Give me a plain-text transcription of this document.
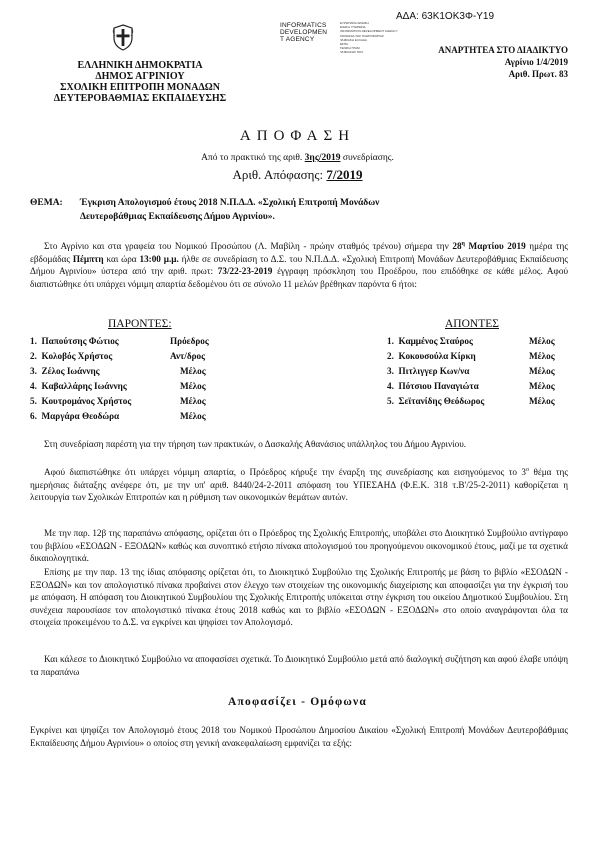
ΑΔΑ: 63Κ1ΟΚ3Φ-Υ19
ΕΛΛΗΝΙΚΗ ΔΗΜΟΚΡΑΤΙΑ
ΔΗΜΟΣ ΑΓΡΙΝΙΟΥ
ΣΧΟΛΙΚΗ ΕΠΙΤΡΟΠΗ ΜΟΝΑΔΩΝ
ΔΕΥΤΕΡΟΒΑΘΜΙΑΣ ΕΚΠΑΙΔΕΥΣΗΣ
INFORMATICS
DEVELOPMEN
T AGENCY
ΕΥΡΩΠΑΪΚΗ ΕΝΩΣΗ
ΕΙΔΙΚΗ ΥΠΗΡΕΣΙΑ
INFORMATION DEVELOPMENT AGENCY
ΚΟΙΝΩΝΙΑ ΤΗΣ ΠΛΗΡΟΦΟΡΙΑΣ
ΨΗΦΙΑΚΗ ΕΛΛΑΔΑ
ΕΣΠΑ
ΓΕΝΙΚΗ ΓΡΑΜ
ΨΗΦΙΑΚΗΣ ΠΟΛ	ΑΝΑΡΤΗΤΕΑ ΣΤΟ ΔΙΑΔΙΚΤΥΟ
Αγρίνιο 1/4/2019
Αριθ. Πρωτ. 83
ΑΠΟΦΑΣΗ
Από το πρακτικό της αριθ. 3ης/2019 συνεδρίασης.
Αριθ. Απόφασης: 7/2019
ΘΕΜΑ: Έγκριση Απολογισμού έτους 2018 Ν.Π.Δ.Δ. «Σχολική Επιτροπή Μονάδων
Δευτεροβάθμιας Εκπαίδευσης Δήμου Αγρινίου».
Στο Αγρίνιο και στα γραφεία του Νομικού Προσώπου (Λ. Μαβίλη - πρώην σταθμός τρένου) σήμερα την $28^\eta$ Μαρτίου 2019 ημέρα της εβδομάδας Πέμπτη και ώρα 13:00 μ.μ. ήλθε σε συνεδρίαση το Δ.Σ. του Ν.Π.Δ.Δ. «Σχολική Επιτροπή Μονάδων Δευτεροβάθμιας Εκπαίδευσης Δήμου Αγρινίου» ύστερα από την αριθ. πρωτ: 73/22-23-2019 έγγραφη πρόσκληση του Προέδρου, που επιδόθηκε σε κάθε μέλος. Αφού διαπιστώθηκε ότι υπάρχει νόμιμη απαρτία δεδομένου ότι σε σύνολο 11 μελών βρέθηκαν παρόντα 6 ήτοι:
ΠΑΡΟΝΤΕΣ:	ΑΠΟΝΤΕΣ
1. Παπούτσης Φώτιος	Πρόεδρος
2. Κολοβός Χρήστος	Αντ/δρος
3. Ζέλος Ιωάννης	Μέλος
4. Καβαλλάρης Ιωάννης	Μέλος
5. Κουτρομάνος Χρήστος	Μέλος
6. Μαργάρα Θεοδώρα	Μέλος
1. Καμμένος Σταύρος	Μέλος
2. Κοκουσούλα Κίρκη	Μέλος
3. Πιτλιγγερ Κων/να	Μέλος
4. Πότσιου Παναγιώτα	Μέλος
5. Σεϊτανίδης Θεόδωρος	Μέλος
Στη συνεδρίαση παρέστη για την τήρηση των πρακτικών, ο Δασκαλής Αθανάσιος υπάλληλος του Δήμου Αγρινίου.
Αφού διαπιστώθηκε ότι υπάρχει νόμιμη απαρτία, ο Πρόεδρος κήρυξε την έναρξη της συνεδρίασης και εισηγούμενος το $3^o$ θέμα της ημερήσιας διάταξης ανέφερε ότι, με την υπ' αριθ. 8440/24-2-2011 απόφαση του ΥΠΕΣΑΗΔ (Φ.Ε.Κ. 318 τ.Β'/25-2-2011) καθορίζεται η λειτουργία των Σχολικών Επιτροπών και η ρύθμιση των οικονομικών θεμάτων αυτών.
Με την παρ. 12β της παραπάνω απόφασης, ορίζεται ότι ο Πρόεδρος της Σχολικής Επιτροπής, υποβάλει στο Διοικητικό Συμβούλιο αντίγραφο του βιβλίου «ΕΣΟΔΩΝ - ΕΞΟΔΩΝ» καθώς και συνοπτικό ετήσιο πίνακα απολογισμού του προηγούμενου οικονομικού έτους, μαζί με τα σχετικά δικαιολογητικά.
Επίσης με την παρ. 13 της ίδιας απόφασης ορίζεται ότι, το Διοικητικό Συμβούλιο της Σχολικής Επιτροπής με βάση το βιβλίο «ΕΣΟΔΩΝ - ΕΞΟΔΩΝ» και τον απολογιστικό πίνακα προβαίνει στον έλεγχο των στοιχείων της οικονομικής διαχείρισης και αποφασίζει για την έγκρισή του με απόφαση. Η απόφαση του Διοικητικού Συμβουλίου της Σχολικής Επιτροπής υπόκειται στην έγκριση του οικείου Δημοτικού Συμβουλίου. Στη συνέχεια παρουσίασε τον απολογιστικό πίνακα έτους 2018 καθώς και το βιβλίο «ΕΣΟΔΩΝ - ΕΞΟΔΩΝ» στο οποίο αναγράφονται όλα τα στοιχεία προκειμένου το Δ.Σ. να εγκρίνει και ψηφίσει τον Απολογισμό.
Και κάλεσε το Διοικητικό Συμβούλιο να αποφασίσει σχετικά. Το Διοικητικό Συμβούλιο μετά από διαλογική συζήτηση και αφού έλαβε υπόψη τα παραπάνω
Αποφασίζει - Ομόφωνα
Εγκρίνει και ψηφίζει τον Απολογισμό έτους 2018 του Νομικού Προσώπου Δημοσίου Δικαίου «Σχολική Επιτροπή Μονάδων Δευτεροβάθμιας Εκπαίδευσης Δήμου Αγρινίου» ο οποίος στη γενική ανακεφαλαίωση εμφανίζει τα εξής:
